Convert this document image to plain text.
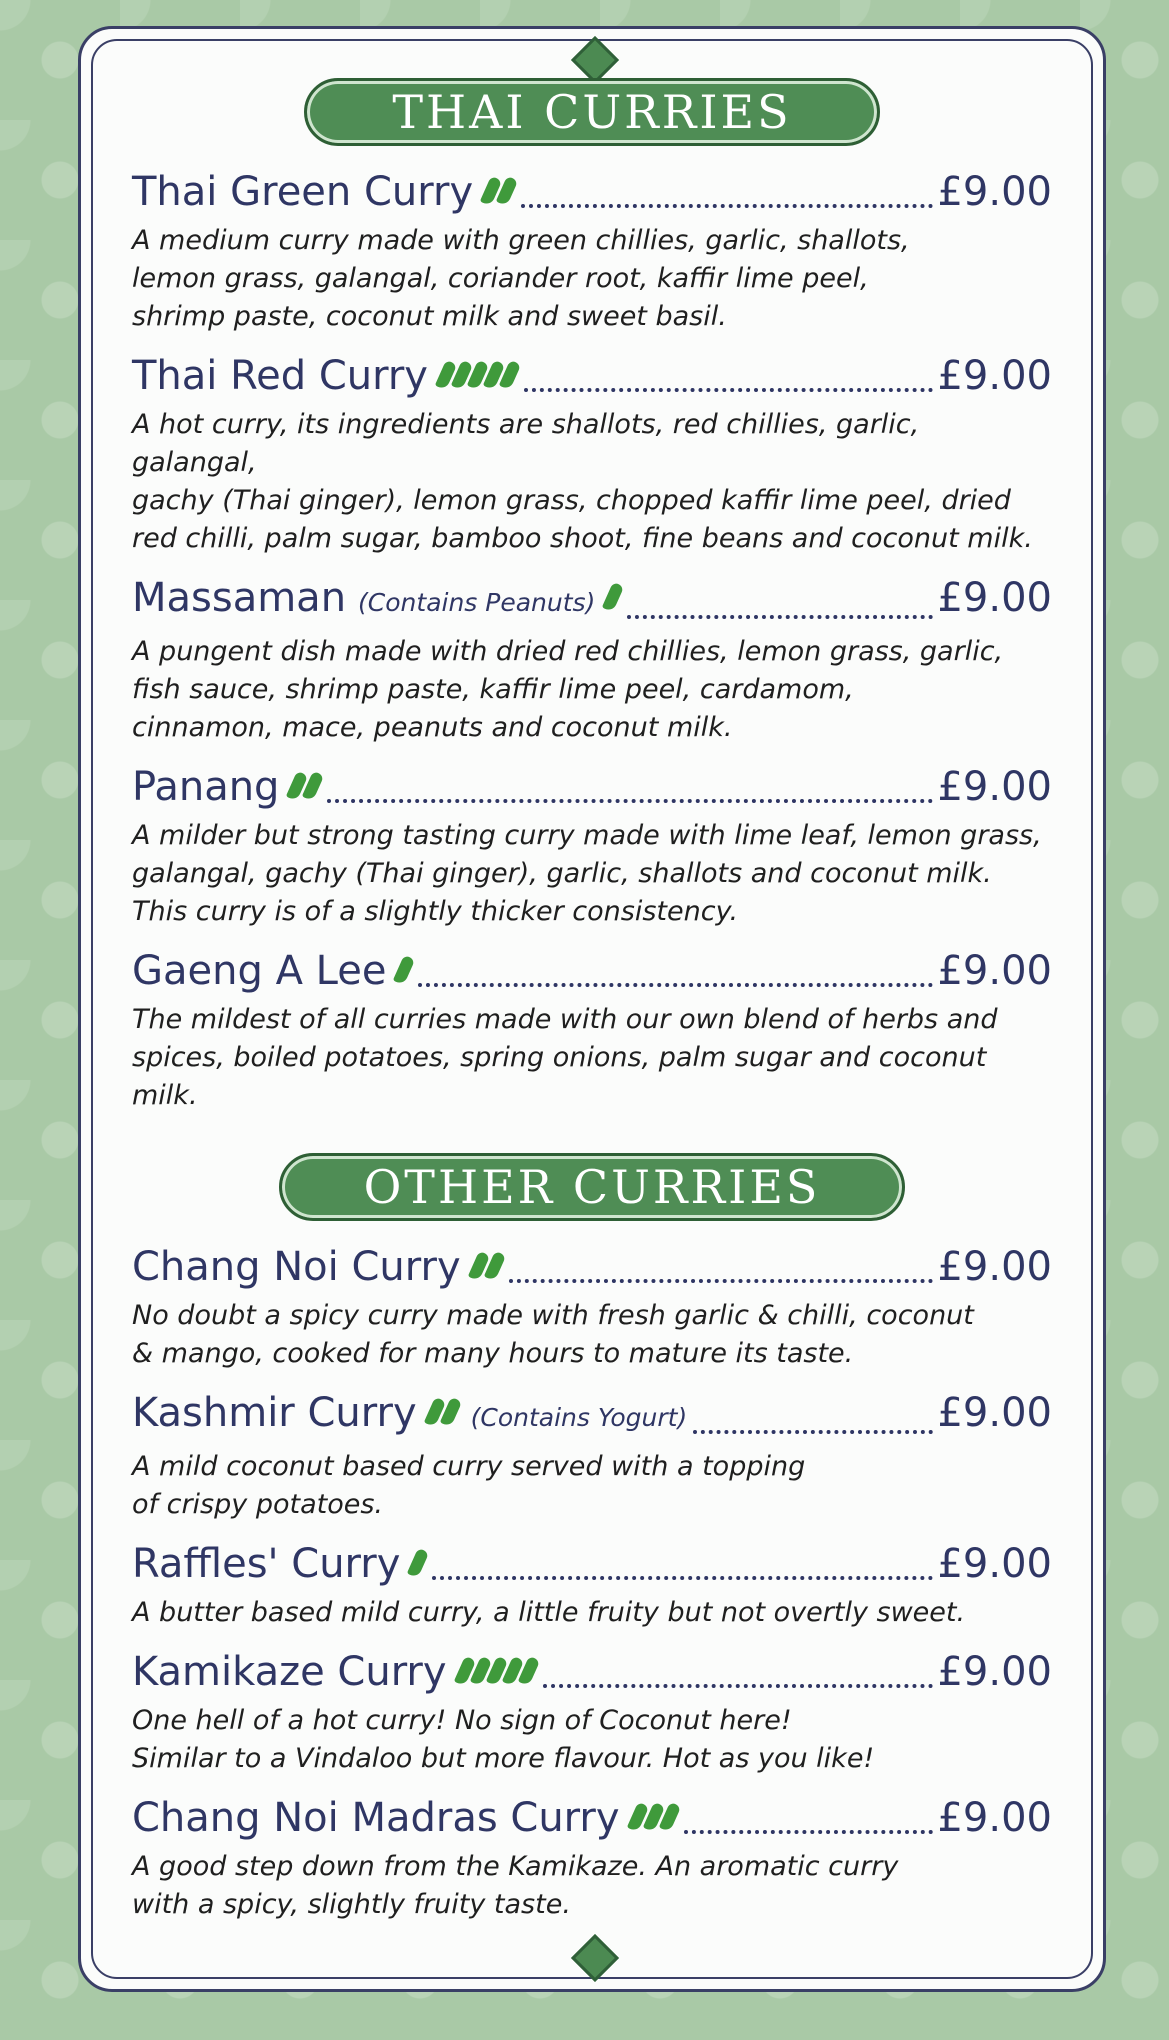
THAI CURRIES
Thai Green Curry	£9.00
A medium curry made with green chillies, garlic, shallots,
lemon grass, galangal, coriander root, kaffir lime peel,
shrimp paste, coconut milk and sweet basil.
Thai Red Curry	£9.00
A hot curry, its ingredients are shallots, red chillies, garlic, galangal,
gachy (Thai ginger), lemon grass, chopped kaffir lime peel, dried
red chilli, palm sugar, bamboo shoot, fine beans and coconut milk.
Massaman (Contains Peanuts)	£9.00
A pungent dish made with dried red chillies, lemon grass, garlic,
fish sauce, shrimp paste, kaffir lime peel, cardamom,
cinnamon, mace, peanuts and coconut milk.
Panang	£9.00
A milder but strong tasting curry made with lime leaf, lemon grass,
galangal, gachy (Thai ginger), garlic, shallots and coconut milk.
This curry is of a slightly thicker consistency.
Gaeng A Lee	£9.00
The mildest of all curries made with our own blend of herbs and
spices, boiled potatoes, spring onions, palm sugar and coconut milk.
OTHER CURRIES
Chang Noi Curry	£9.00
No doubt a spicy curry made with fresh garlic & chilli, coconut
& mango, cooked for many hours to mature its taste.
Kashmir Curry (Contains Yogurt)	£9.00
A mild coconut based curry served with a topping
of crispy potatoes.
Raffles' Curry	£9.00
A butter based mild curry, a little fruity but not overtly sweet.
Kamikaze Curry	£9.00
One hell of a hot curry! No sign of Coconut here!
Similar to a Vindaloo but more flavour. Hot as you like!
Chang Noi Madras Curry	£9.00
A good step down from the Kamikaze. An aromatic curry
with a spicy, slightly fruity taste.
